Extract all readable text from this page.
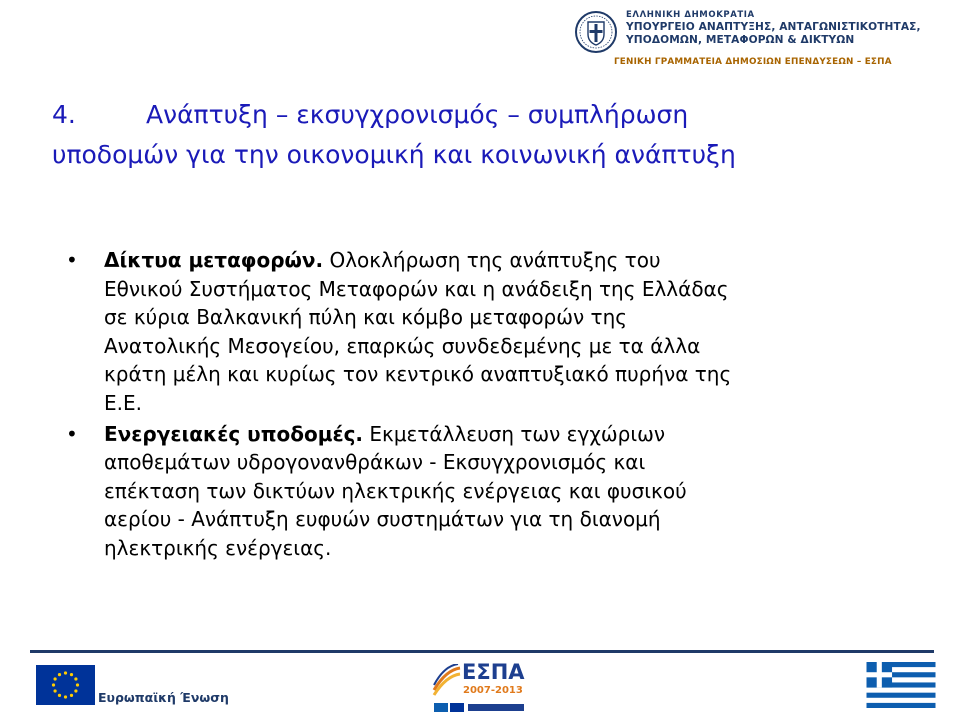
ΕΛΛΗΝΙΚΗ ΔΗΜΟΚΡΑΤΙΑ
ΥΠΟΥΡΓΕΙΟ ΑΝΑΠΤΥΞΗΣ, ΑΝΤΑΓΩΝΙΣΤΙΚΟΤΗΤΑΣ,
ΥΠΟΔΟΜΩΝ, ΜΕΤΑΦΟΡΩΝ & ΔΙΚΤΥΩΝ
ΓΕΝΙΚΗ ΓΡΑΜΜΑΤΕΙΑ ΔΗΜΟΣΙΩΝ ΕΠΕΝΔΥΣΕΩΝ – ΕΣΠΑ
4.	Ανάπτυξη – εκσυγχρονισμός – συμπλήρωση
υποδομών για την οικονομική και κοινωνική ανάπτυξη
• Δίκτυα μεταφορών. Ολοκλήρωση της ανάπτυξης του
Εθνικού Συστήματος Μεταφορών και η ανάδειξη της Ελλάδας
σε κύρια Βαλκανική πύλη και κόμβο μεταφορών της
Ανατολικής Μεσογείου, επαρκώς συνδεδεμένης με τα άλλα
κράτη μέλη και κυρίως τον κεντρικό αναπτυξιακό πυρήνα της
Ε.Ε.
• Ενεργειακές υποδομές. Εκμετάλλευση των εγχώριων
αποθεμάτων υδρογονανθράκων - Εκσυγχρονισμός και
επέκταση των δικτύων ηλεκτρικής ενέργειας και φυσικού
αερίου - Ανάπτυξη ευφυών συστημάτων για τη διανομή
ηλεκτρικής ενέργειας.
Ευρωπαϊκή Ένωση
ΕΣΠΑ
2007-2013
